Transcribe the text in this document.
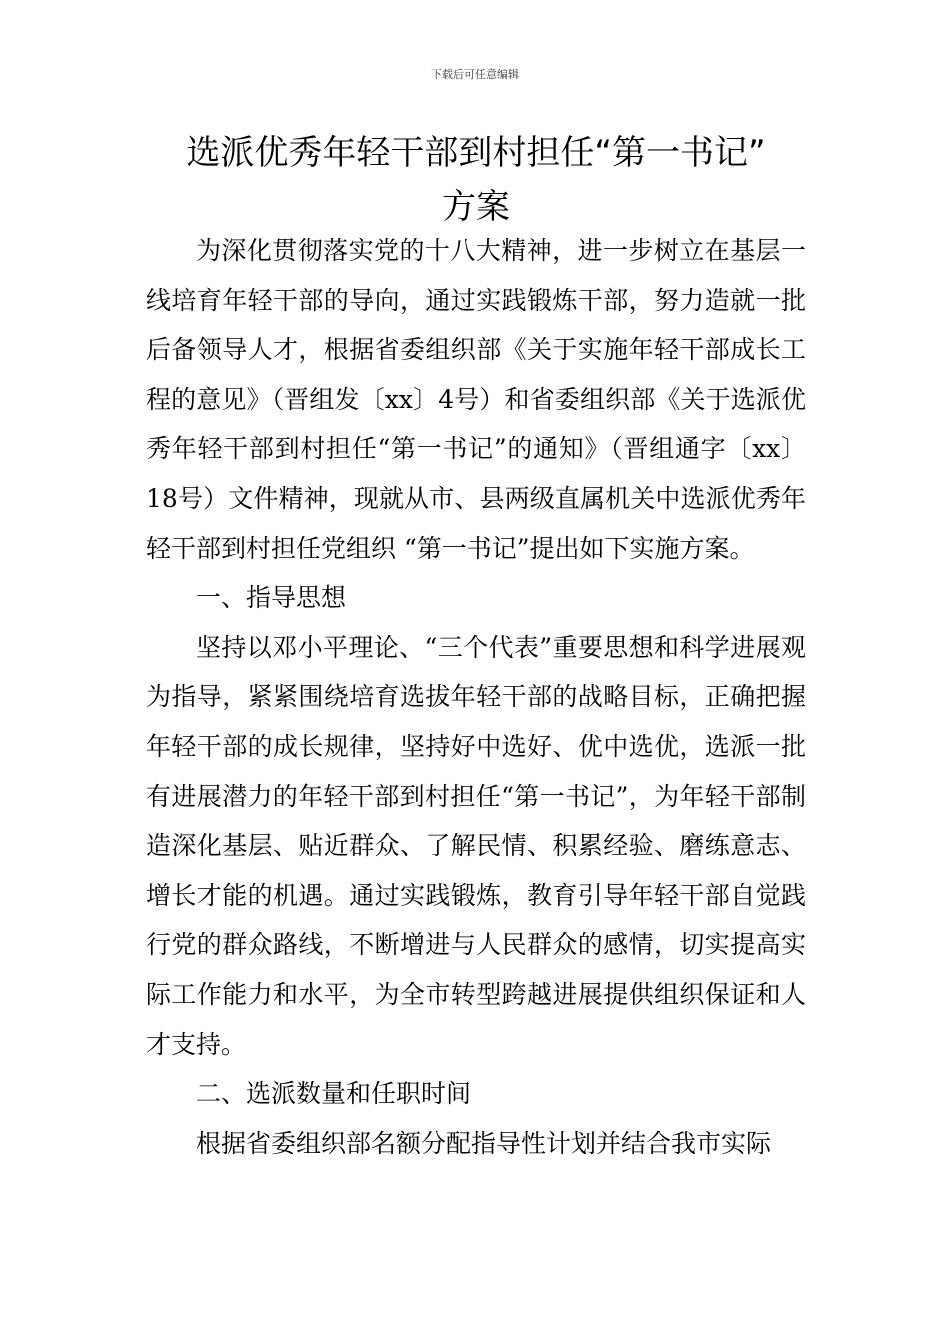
下载后可任意编辑
选派优秀年轻干部到村担任“第一书记”
方案

为深化贯彻落实党的十八大精神，进一步树立在基层一线培育年轻干部的导向，通过实践锻炼干部，努力造就一批后备领导人才，根据省委组织部《关于实施年轻干部成长工程的意见》（晋组发〔xx〕4号）和省委组织部《关于选派优秀年轻干部到村担任“第一书记”的通知》（晋组通字〔xx〕18号）文件精神，现就从市、县两级直属机关中选派优秀年轻干部到村担任党组织 “第一书记”提出如下实施方案。

一、指导思想

坚持以邓小平理论、“三个代表”重要思想和科学进展观为指导，紧紧围绕培育选拔年轻干部的战略目标，正确把握年轻干部的成长规律，坚持好中选好、优中选优，选派一批有进展潜力的年轻干部到村担任“第一书记”，为年轻干部制造深化基层、贴近群众、了解民情、积累经验、磨练意志、增长才能的机遇。通过实践锻炼，教育引导年轻干部自觉践行党的群众路线，不断增进与人民群众的感情，切实提高实际工作能力和水平，为全市转型跨越进展提供组织保证和人才支持。

二、选派数量和任职时间

根据省委组织部名额分配指导性计划并结合我市实际
